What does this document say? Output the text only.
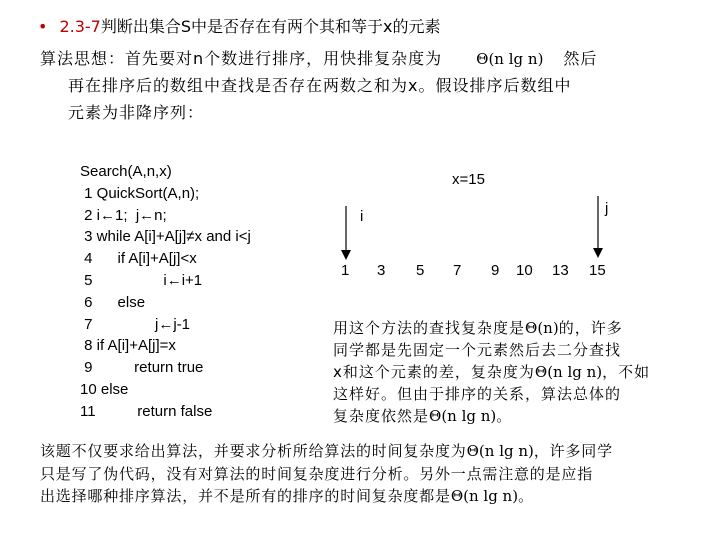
• 2.3-7判断出集合S中是否存在有两个其和等于x的元素
算法思想：首先要对n个数进行排序，用快排复杂度为 Θ(n lg n) 然后
再在排序后的数组中查找是否存在两数之和为x。假设排序后数组中
元素为非降序列：
Search(A,n,x)
1 QuickSort(A,n);
2 i←1;  j←n;
3 while A[i]+A[j]≠x and i<j
4      if A[i]+A[j]<x
5                 i←i+1
6      else
7               j←j-1
8 if A[i]+A[j]=x
9          return true
10 else
11          return false
x=15
i	j
1 3 5 7 9 10 13 15
用这个方法的查找复杂度是Θ(n)的，许多
同学都是先固定一个元素然后去二分查找
x和这个元素的差，复杂度为Θ(n lg n)，不如
这样好。但由于排序的关系，算法总体的
复杂度依然是Θ(n lg n)。
该题不仅要求给出算法，并要求分析所给算法的时间复杂度为Θ(n lg n)，许多同学
只是写了伪代码，没有对算法的时间复杂度进行分析。另外一点需注意的是应指
出选择哪种排序算法，并不是所有的排序的时间复杂度都是Θ(n lg n)。
